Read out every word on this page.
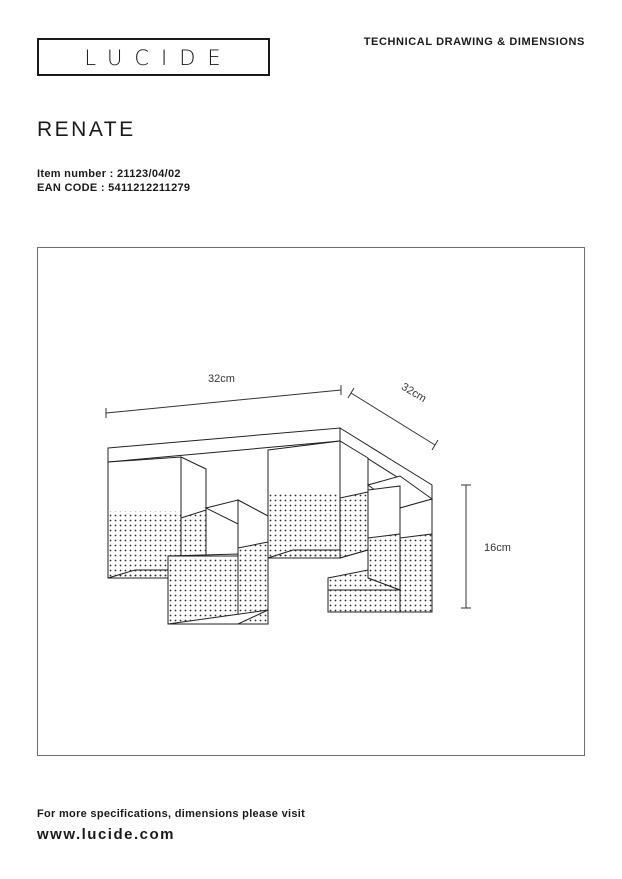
LUCIDE
TECHNICAL DRAWING & DIMENSIONS
RENATE
Item number : 21123/04/02
EAN CODE : 5411212211279
32cm
32cm
16cm
For more specifications, dimensions please visit
www.lucide.com
